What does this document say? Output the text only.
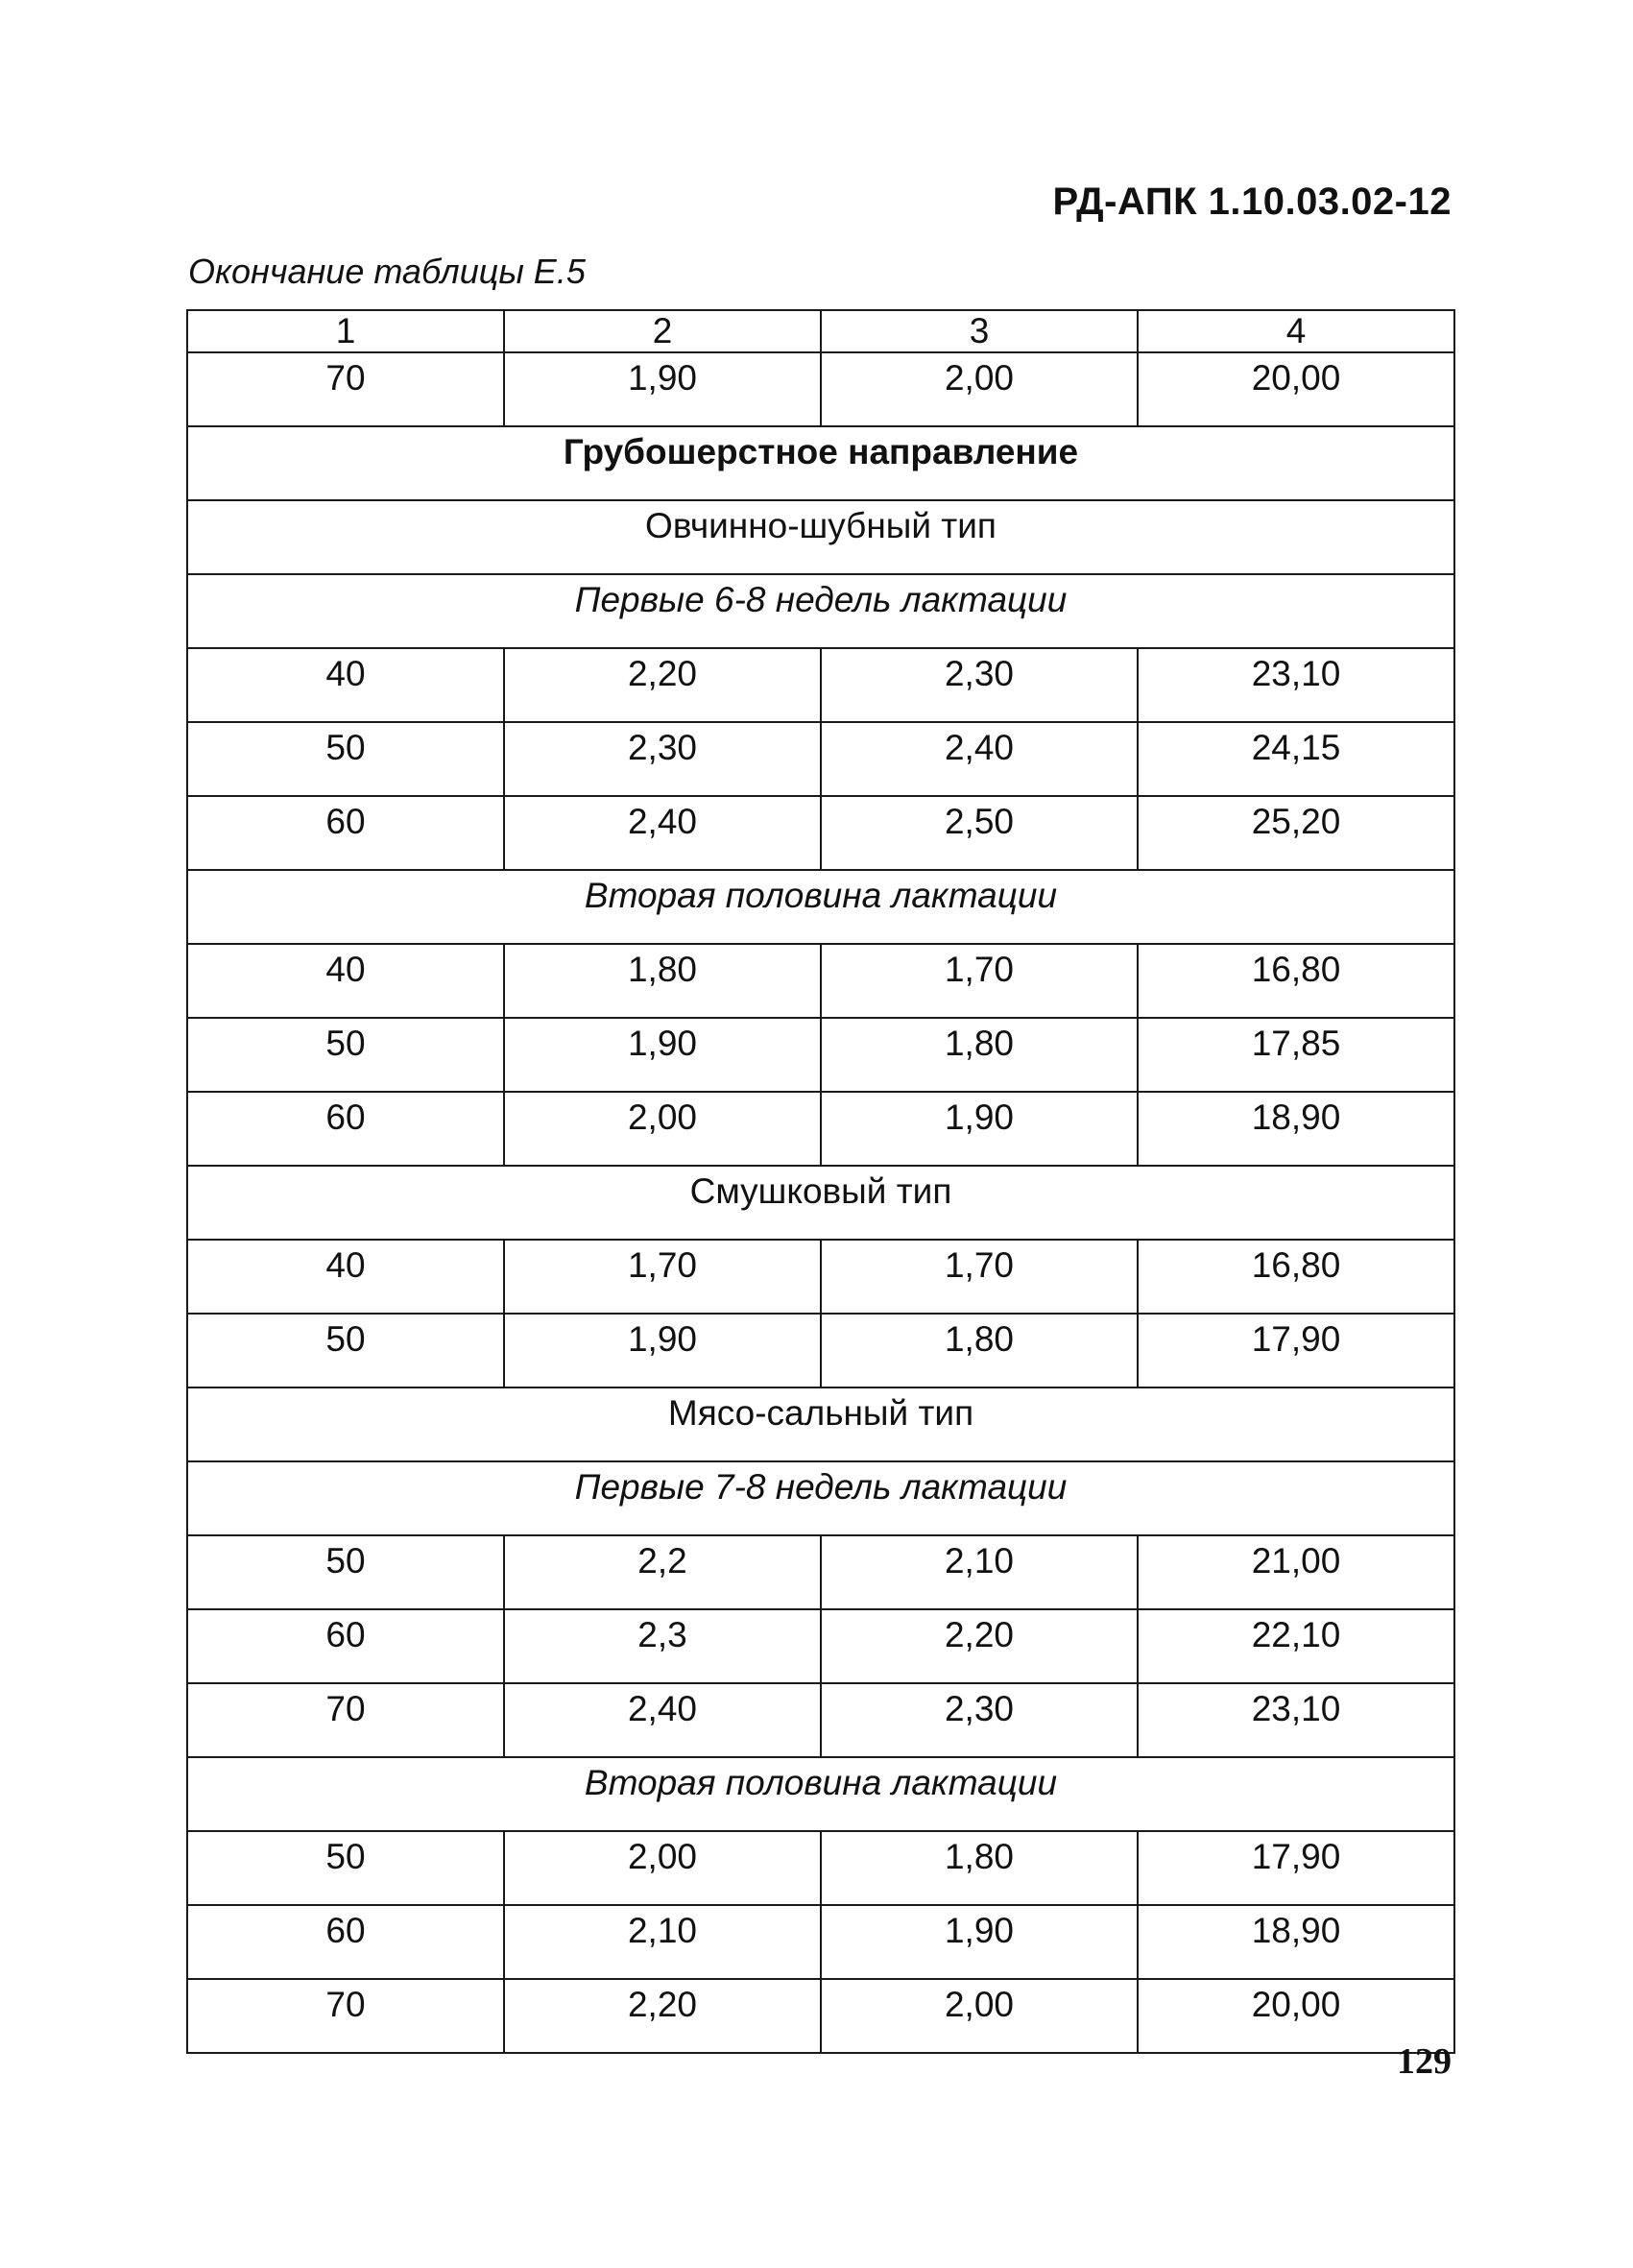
РД-АПК 1.10.03.02-12

Окончание таблицы Е.5

1	2	3	4
70	1,90	2,00	20,00
Грубошерстное направление			
Овчинно-шубный тип			
Первые 6-8 недель лактации			
40	2,20	2,30	23,10
50	2,30	2,40	24,15
60	2,40	2,50	25,20
Вторая половина лактации			
40	1,80	1,70	16,80
50	1,90	1,80	17,85
60	2,00	1,90	18,90
Смушковый тип			
40	1,70	1,70	16,80
50	1,90	1,80	17,90
Мясо-сальный тип			
Первые 7-8 недель лактации			
50	2,2	2,10	21,00
60	2,3	2,20	22,10
70	2,40	2,30	23,10
Вторая половина лактации			
50	2,00	1,80	17,90
60	2,10	1,90	18,90
70	2,20	2,00	20,00

129
